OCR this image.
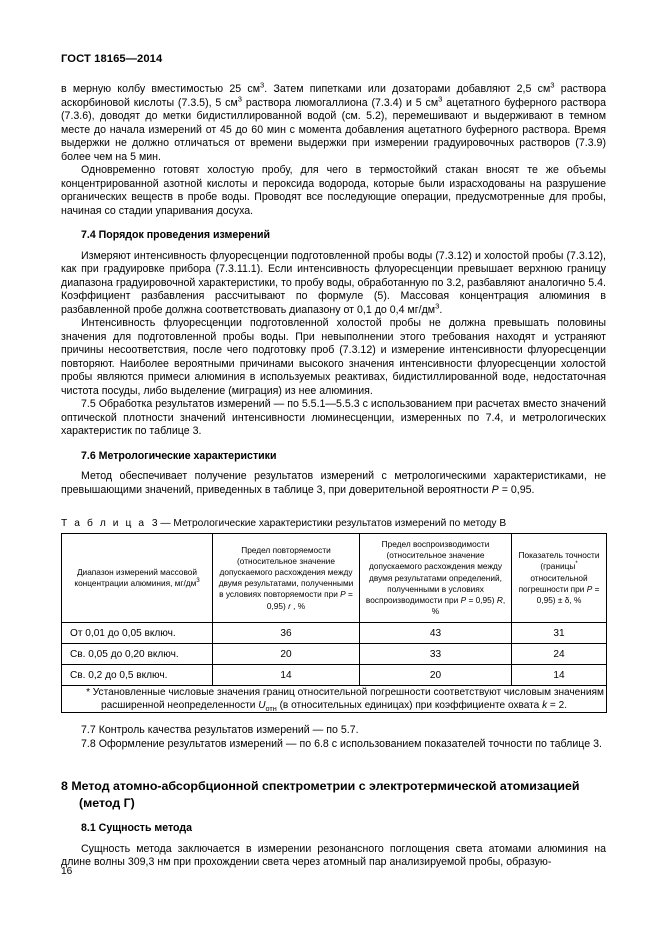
ГОСТ 18165—2014

в мерную колбу вместимостью 25 $см^3$. Затем пипетками или дозаторами добавляют 2,5 $см^3$ раствора аскорбиновой кислоты (7.3.5), 5 $см^3$ раствора люмогаллиона (7.3.4) и 5 $см^3$ ацетатного буферного раствора (7.3.6), доводят до метки бидистиллированной водой (см. 5.2), перемешивают и выдерживают в темном месте до начала измерений от 45 до 60 мин с момента добавления ацетатного буферного раствора. Время выдержки не должно отличаться от времени выдержки при измерении градуировочных растворов (7.3.9) более чем на 5 мин.

Одновременно готовят холостую пробу, для чего в термостойкий стакан вносят те же объемы концентрированной азотной кислоты и пероксида водорода, которые были израсходованы на разрушение органических веществ в пробе воды. Проводят все последующие операции, предусмотренные для пробы, начиная со стадии упаривания досуха.

7.4 Порядок проведения измерений

Измеряют интенсивность флуоресценции подготовленной пробы воды (7.3.12) и холостой пробы (7.3.12), как при градуировке прибора (7.3.11.1). Если интенсивность флуоресценции превышает верхнюю границу диапазона градуировочной характеристики, то пробу воды, обработанную по 3.2, разбавляют аналогично 5.4. Коэффициент разбавления рассчитывают по формуле (5). Массовая концентрация алюминия в разбавленной пробе должна соответствовать диапазону от 0,1 до 0,4 $мг/дм^3$.

Интенсивность флуоресценции подготовленной холостой пробы не должна превышать половины значения для подготовленной пробы воды. При невыполнении этого требования находят и устраняют причины несоответствия, после чего подготовку проб (7.3.12) и измерение интенсивности флуоресценции повторяют. Наиболее вероятными причинами высокого значения интенсивности флуоресценции холостой пробы являются примеси алюминия в используемых реактивах, бидистиллированной воде, недостаточная чистота посуды, либо выделение (миграция) из нее алюминия.

7.5 Обработка результатов измерений — по 5.5.1—5.5.3 с использованием при расчетах вместо значений оптической плотности значений интенсивности люминесценции, измеренных по 7.4, и метрологических характеристик по таблице 3.

7.6 Метрологические характеристики

Метод обеспечивает получение результатов измерений с метрологическими характеристиками, не превышающими значений, приведенных в таблице 3, при доверительной вероятности P = 0,95.

Т а б л и ц а 3 — Метрологические характеристики результатов измерений по методу В

Диапазон измерений массовой концентрации алюминия, $мг/дм^3$	Предел повторяемости (относительное значение допускаемого расхождения между двумя результатами, полученными в условиях повторяемости при P = 0,95) r , %	Предел воспроизводимости (относительное значение допускаемого расхождения между двумя результатами определений, полученными в условиях воспроизводимости при P = 0,95) R, %	Показатель точности (границы* относительной погрешности при P = 0,95) ± δ, %
От 0,01 до 0,05 включ.	36	43	31
Св. 0,05 до 0,20 включ.	20	33	24
Св. 0,2 до 0,5 включ.	14	20	14
* Установленные числовые значения границ относительной погрешности соответствуют числовым значениям расширенной неопределенности $U_{отн}$ (в относительных единицах) при коэффициенте охвата k = 2.			

7.7 Контроль качества результатов измерений — по 5.7.

7.8 Оформление результатов измерений — по 6.8 с использованием показателей точности по таблице 3.

8 Метод атомно-абсорбционной спектрометрии с электротермической атомизацией (метод Г)

8.1 Сущность метода

Сущность метода заключается в измерении резонансного поглощения света атомами алюминия на длине волны 309,3 нм при прохождении света через атомный пар анализируемой пробы, образую-

16
